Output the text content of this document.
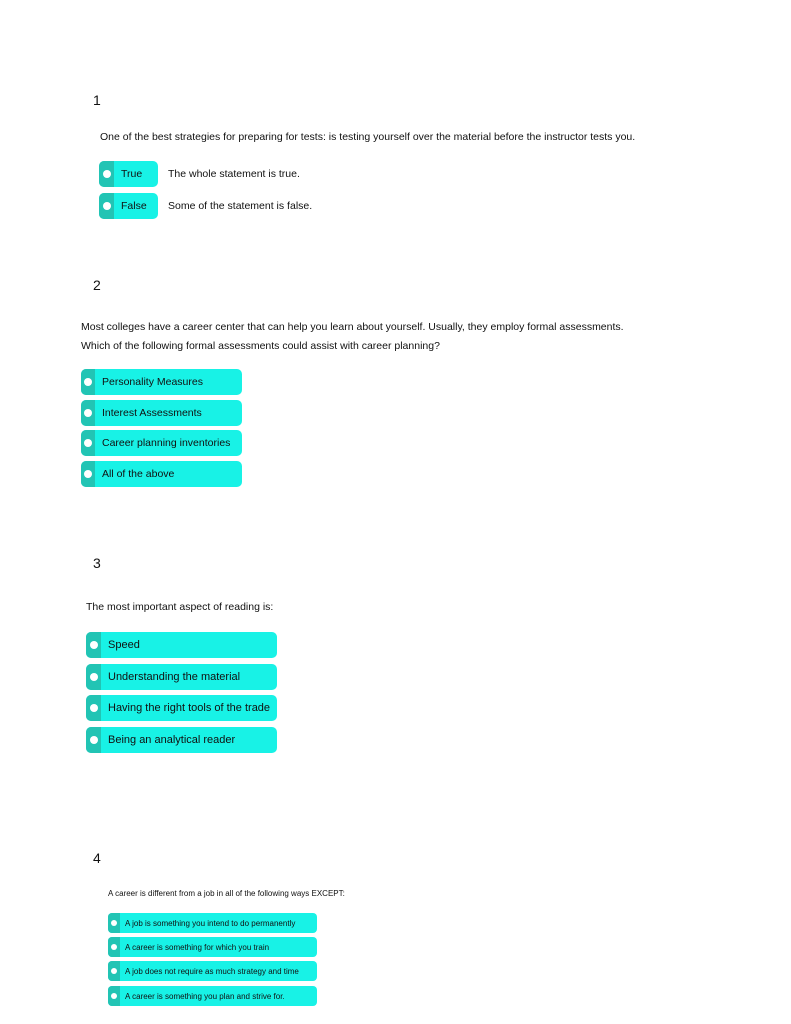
1
One of the best strategies for preparing for tests: is testing yourself over the material before the instructor tests you.
True The whole statement is true.
False Some of the statement is false.
2
Most colleges have a career center that can help you learn about yourself. Usually, they employ formal assessments.
Which of the following formal assessments could assist with career planning?
Personality Measures
Interest Assessments
Career planning inventories
All of the above
3
The most important aspect of reading is:
Speed
Understanding the material
Having the right tools of the trade
Being an analytical reader
4
A career is different from a job in all of the following ways EXCEPT:
A job is something you intend to do permanently
A career is something for which you train
A job does not require as much strategy and time
A career is something you plan and strive for.
